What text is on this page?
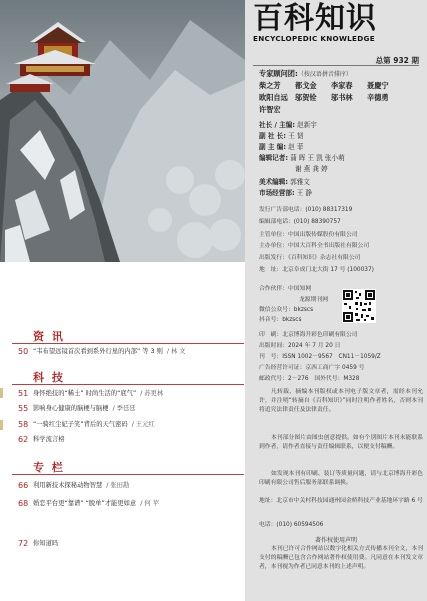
资 讯
50 “韦布望远镜首次看到系外行星的内部” 等 3 则 / 林 文
科 技
51 身怀绝技的“稀土” 时尚生活的“底气” / 苏更林
55 影响身心健康的脑梗与脑梗 / 季廷廷
58 “一骑红尘妃子笑”背后的天气密码 / 王元红
62 科学流言榜
专 栏
66 利用新技术探秘动物智慧 / 张田勘
68 婚恋平台更“靠谱” “脱单”才能更如意 / 何 苹
72 你知道吗
百科知识
ENCYCLOPEDIC KNOWLEDGE
总第 932 期
专家顾问团:（按汉语拼音排序）
柴之芳 都戈金 李家春 聂慶宁
欧阳自远 邬贺铨 邬书林 辛德勇
许智宏
社长 / 主编: 赵新宇
副 社 长: 王 韧
副 主 编: 赵 菲
编辑记者: 蒲 晖 王 凯 张小萌
谢 燕 龚 婷
美术编辑: 郭雅文
市场经营部: 王 静
发行广告部电话：(010) 88317319
编辑部电话：(010) 88390757
主管单位：中国出版传媒股份有限公司
主办单位：中国大百科全书出版社有限公司
出版发行：《百科知识》杂志社有限公司
地　址：北京阜成门北大街 17 号 (100037)
合作伙伴：中国知网
龙源期刊网
微信公众号：bkzscs
抖音号：bkzscs
印　刷：北京博海升彩色印刷有限公司
出版时间：2024 年 7 月 20 日
刊　号：ISSN 1002－9567　CN11－1059/Z
广告经营许可证：京西工商广字 0459 号
邮政代号：2－276　国外代号：M328
凡转载、摘编本刊版权或本刊电子版文章者，需经本刊允许，并注明“转摘自《百科知识》”同时注明作者姓名，否则本刊将追究法律责任及法律责任。
本刊部分图片由图虫创意提供。如有个别图片本刊未能联系到作者，请作者直接与责任编辑联系，以便支付稿酬。
如发现本刊有印刷、装订等质量问题，请与北京博海升彩色印刷有限公司售后服务部联系调换。
地址：北京市中关村科技园通州园金桥科技产业基地环宇路 6 号
电话：(010) 60594506
著作权使用声明
本刊已许可合作网站以数字化相关方式传播本刊全文，本刊支付的稿酬已包含合作网站著作权使用费。凡同意在本刊发文章者，本刊视为作者已同意本刊的上述声明。
